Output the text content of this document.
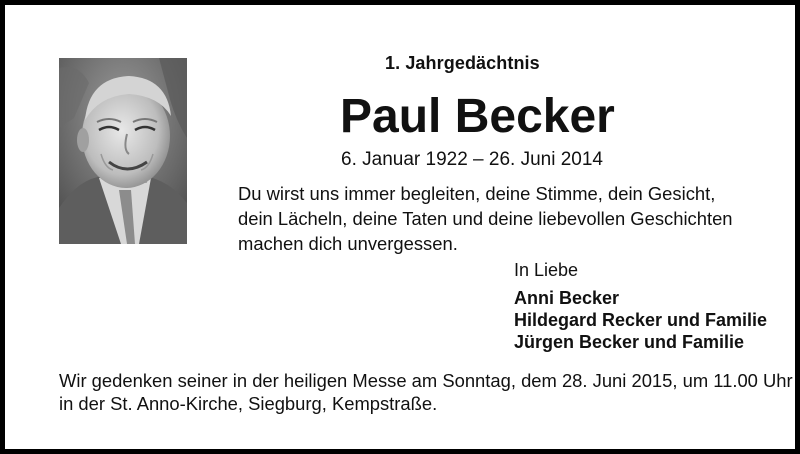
1. Jahrgedächtnis
Paul Becker
6. Januar 1922 – 26. Juni 2014
Du wirst uns immer begleiten, deine Stimme, dein Gesicht,
dein Lächeln, deine Taten und deine liebevollen Geschichten
machen dich unvergessen.
In Liebe
Anni Becker
Hildegard Recker und Familie
Jürgen Becker und Familie
Wir gedenken seiner in der heiligen Messe am Sonntag, dem 28. Juni 2015, um 11.00 Uhr
in der St. Anno-Kirche, Siegburg, Kempstraße.
